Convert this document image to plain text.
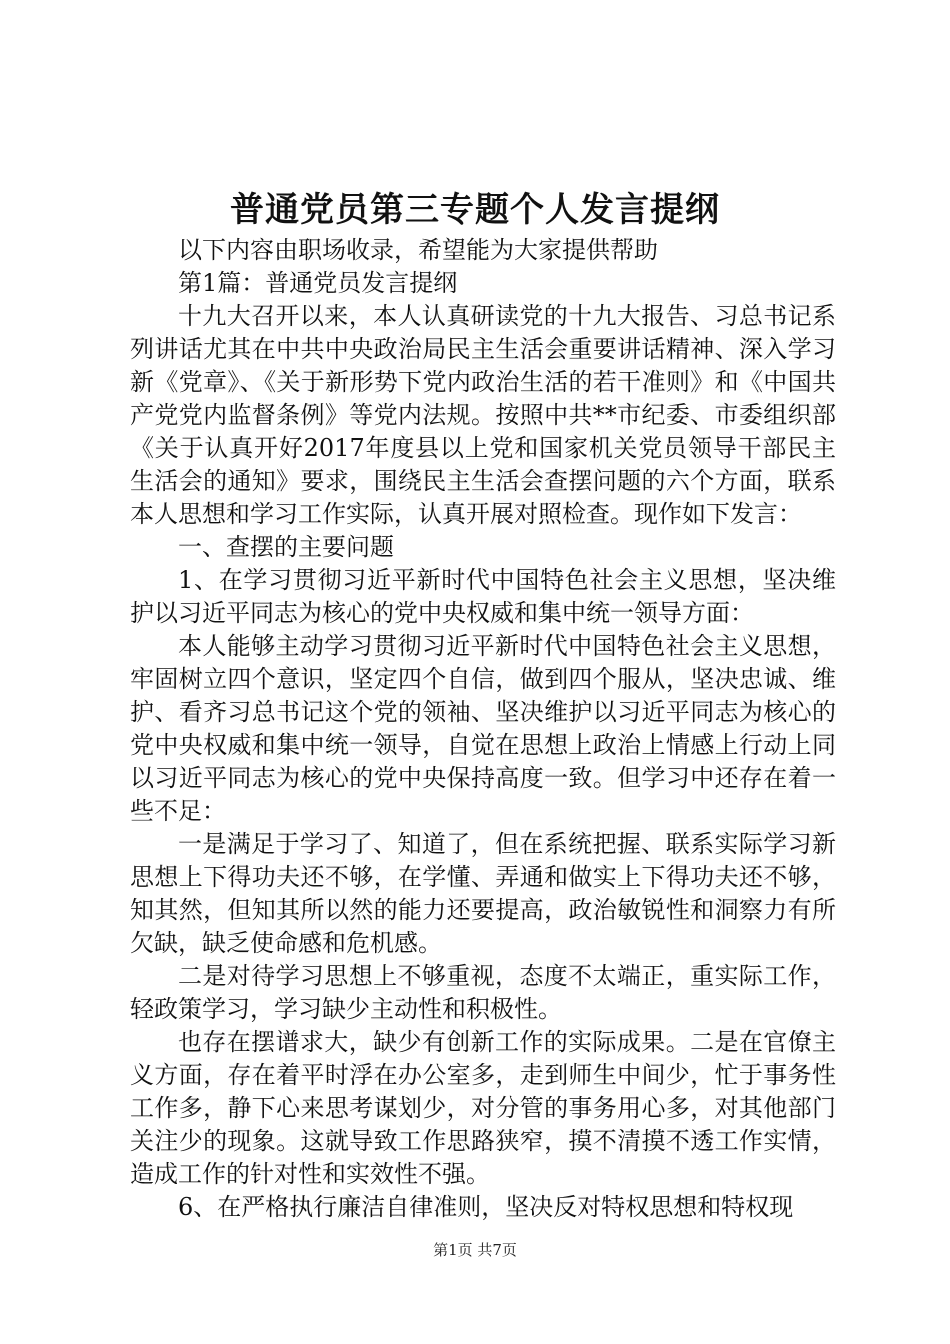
普通党员第三专题个人发言提纲

以下内容由职场收录，希望能为大家提供帮助

第1篇：普通党员发言提纲

十九大召开以来，本人认真研读党的十九大报告、习总书记系列讲话尤其在中共中央政治局民主生活会重要讲话精神、深入学习新《党章》、《关于新形势下党内政治生活的若干准则》和《中国共产党党内监督条例》等党内法规。按照中共**市纪委、市委组织部《关于认真开好2017年度县以上党和国家机关党员领导干部民主生活会的通知》要求，围绕民主生活会查摆问题的六个方面，联系本人思想和学习工作实际，认真开展对照检查。现作如下发言：

一、查摆的主要问题

1、在学习贯彻习近平新时代中国特色社会主义思想，坚决维护以习近平同志为核心的党中央权威和集中统一领导方面：

本人能够主动学习贯彻习近平新时代中国特色社会主义思想，牢固树立四个意识，坚定四个自信，做到四个服从，坚决忠诚、维护、看齐习总书记这个党的领袖、坚决维护以习近平同志为核心的党中央权威和集中统一领导，自觉在思想上政治上情感上行动上同以习近平同志为核心的党中央保持高度一致。但学习中还存在着一些不足：

一是满足于学习了、知道了，但在系统把握、联系实际学习新思想上下得功夫还不够，在学懂、弄通和做实上下得功夫还不够，知其然，但知其所以然的能力还要提高，政治敏锐性和洞察力有所欠缺，缺乏使命感和危机感。

二是对待学习思想上不够重视，态度不太端正，重实际工作，轻政策学习，学习缺少主动性和积极性。

也存在摆谱求大，缺少有创新工作的实际成果。二是在官僚主义方面，存在着平时浮在办公室多，走到师生中间少，忙于事务性工作多，静下心来思考谋划少，对分管的事务用心多，对其他部门关注少的现象。这就导致工作思路狭窄，摸不清摸不透工作实情，造成工作的针对性和实效性不强。

6、在严格执行廉洁自律准则，坚决反对特权思想和特权现

第1页 共7页
